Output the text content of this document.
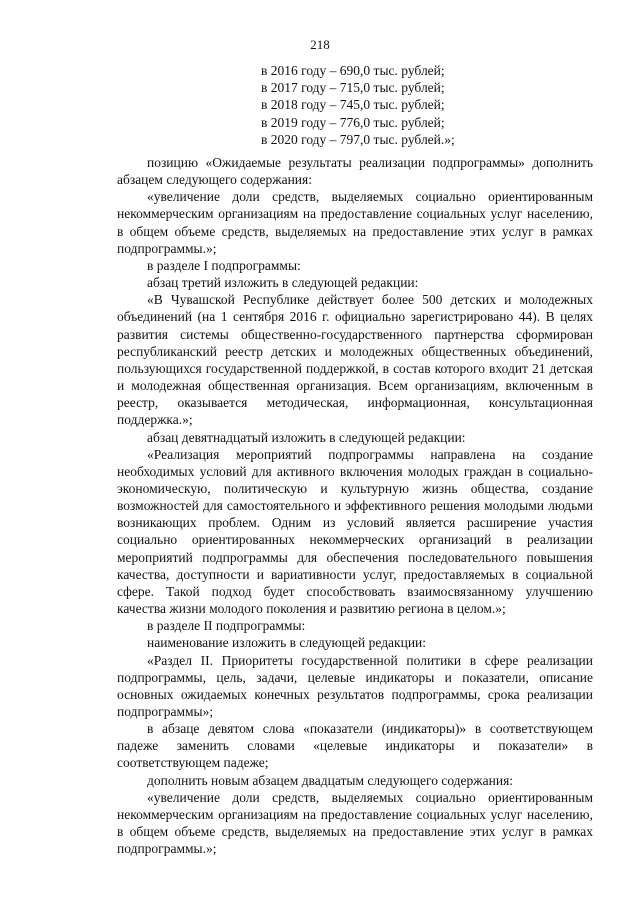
218
в 2016 году – 690,0 тыс. рублей;
в 2017 году – 715,0 тыс. рублей;
в 2018 году – 745,0 тыс. рублей;
в 2019 году – 776,0 тыс. рублей;
в 2020 году – 797,0 тыс. рублей.»;

позицию «Ожидаемые результаты реализации подпрограммы» дополнить абзацем следующего содержания:

«увеличение доли средств, выделяемых социально ориентированным некоммерческим организациям на предоставление социальных услуг населению, в общем объеме средств, выделяемых на предоставление этих услуг в рамках подпрограммы.»;

в разделе I подпрограммы:

абзац третий изложить в следующей редакции:

«В Чувашской Республике действует более 500 детских и молодежных объединений (на 1 сентября 2016 г. официально зарегистрировано 44). В целях развития системы общественно-государственного партнерства сформирован республиканский реестр детских и молодежных общественных объединений, пользующихся государственной поддержкой, в состав которого входит 21 детская и молодежная общественная организация. Всем организациям, включенным в реестр, оказывается методическая, информационная, консультационная поддержка.»;

абзац девятнадцатый изложить в следующей редакции:

«Реализация мероприятий подпрограммы направлена на создание необходимых условий для активного включения молодых граждан в социально-экономическую, политическую и культурную жизнь общества, создание возможностей для самостоятельного и эффективного решения молодыми людьми возникающих проблем. Одним из условий является расширение участия социально ориентированных некоммерческих организаций в реализации мероприятий подпрограммы для обеспечения последовательного повышения качества, доступности и вариативности услуг, предоставляемых в социальной сфере. Такой подход будет способствовать взаимосвязанному улучшению качества жизни молодого поколения и развитию региона в целом.»;

в разделе II подпрограммы:

наименование изложить в следующей редакции:

«Раздел II. Приоритеты государственной политики в сфере реализации подпрограммы, цель, задачи, целевые индикаторы и показатели, описание основных ожидаемых конечных результатов подпрограммы, срока реализации подпрограммы»;

в абзаце девятом слова «показатели (индикаторы)» в соответствующем падеже заменить словами «целевые индикаторы и показатели» в соответствующем падеже;

дополнить новым абзацем двадцатым следующего содержания:

«увеличение доли средств, выделяемых социально ориентированным некоммерческим организациям на предоставление социальных услуг населению, в общем объеме средств, выделяемых на предоставление этих услуг в рамках подпрограммы.»;
